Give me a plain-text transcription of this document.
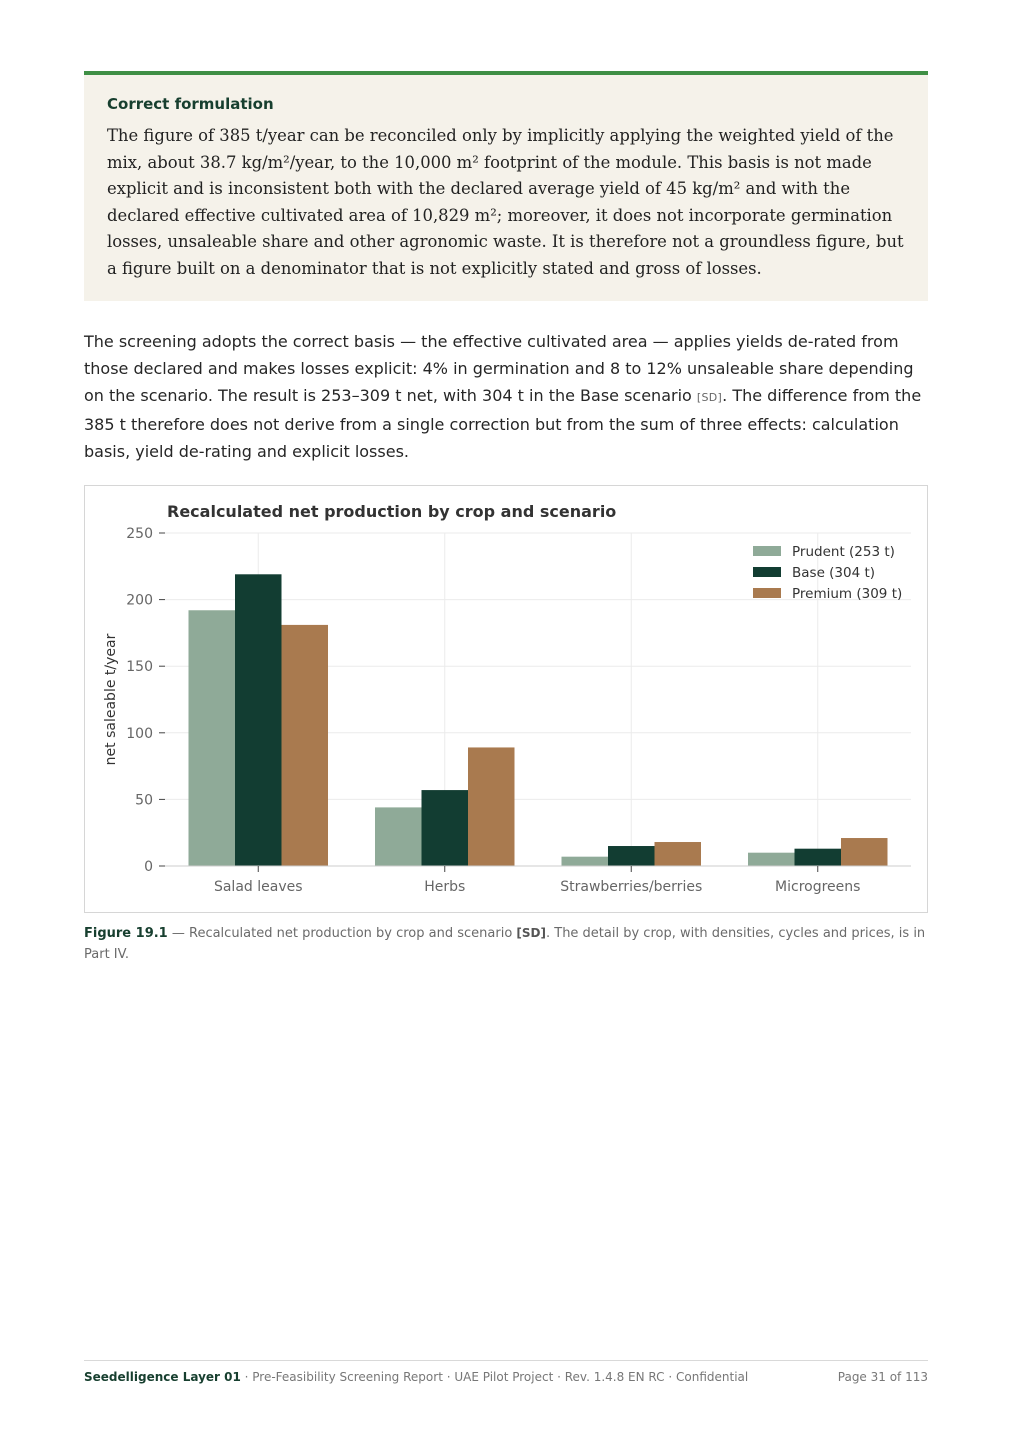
Correct formulation
The figure of 385 t/year can be reconciled only by implicitly applying the weighted yield of the mix, about 38.7 kg/m²/year, to the 10,000 m² footprint of the module. This basis is not made explicit and is inconsistent both with the declared average yield of 45 kg/m² and with the declared effective cultivated area of 10,829 m²; moreover, it does not incorporate germination losses, unsaleable share and other agronomic waste. It is therefore not a groundless figure, but a figure built on a denominator that is not explicitly stated and gross of losses.

The screening adopts the correct basis — the effective cultivated area — applies yields de-rated from those declared and makes losses explicit: 4% in germination and 8 to 12% unsaleable share depending on the scenario. The result is 253–309 t net, with 304 t in the Base scenario [SD]. The difference from the 385 t therefore does not derive from a single correction but from the sum of three effects: calculation basis, yield de-rating and explicit losses.

0
50
100
150
200
250
Salad leaves	Herbs	Strawberries/berries	Microgreens
Recalculated net production by crop and scenario
net saleable t/year
Prudent (253 t)
Base (304 t)
Premium (309 t)

Figure 19.1 — Recalculated net production by crop and scenario [SD]. The detail by crop, with densities, cycles and prices, is in Part IV.

Seedelligence Layer 01 · Pre-Feasibility Screening Report · UAE Pilot Project · Rev. 1.4.8 EN RC · Confidential	Page 31 of 113
